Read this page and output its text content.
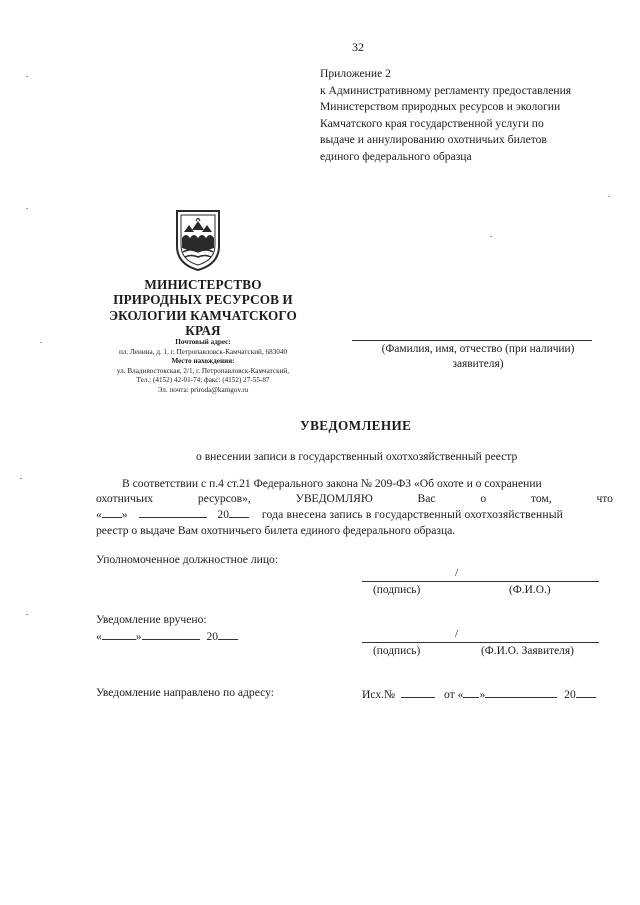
32
Приложение 2
к Административному регламенту предоставления
Министерством природных ресурсов и экологии
Камчатского края государственной услуги по
выдаче и аннулированию охотничьих билетов
единого федерального образца
МИНИСТЕРСТВО
ПРИРОДНЫХ РЕСУРСОВ И
ЭКОЛОГИИ КАМЧАТСКОГО
КРАЯ
Почтовый адрес:
пл. Ленина, д. 1, г. Петропавловск-Камчатский, 683040
Место нахождения:
ул. Владивостокская, 2/1, г. Петропавловск-Камчатский,
Тел.: (4152) 42-01-74; факс: (4152) 27-55-87
Эл. почта: priroda@kamgov.ru
(Фамилия, имя, отчество (при наличии)
заявителя)
УВЕДОМЛЕНИЕ
о внесении записи в государственный охотхозяйственный реестр

В соответствии с п.4 ст.21 Федерального закона № 209-ФЗ «Об охоте и о сохранении

охотничьих	ресурсов»,	УВЕДОМЛЯЮ	Вас	о	том,	что
« »	20	года внесена запись в государственный охотхозяйственный
реестр о выдаче Вам охотничьего билета единого федерального образца.
Уполномоченное должностное лицо:
/
(подпись)	(Ф.И.О.)
Уведомление вручено:
«	»	20	/
(подпись)	(Ф.И.О. Заявителя)
Уведомление направлено по адресу:	Исх.№	от « »	20
